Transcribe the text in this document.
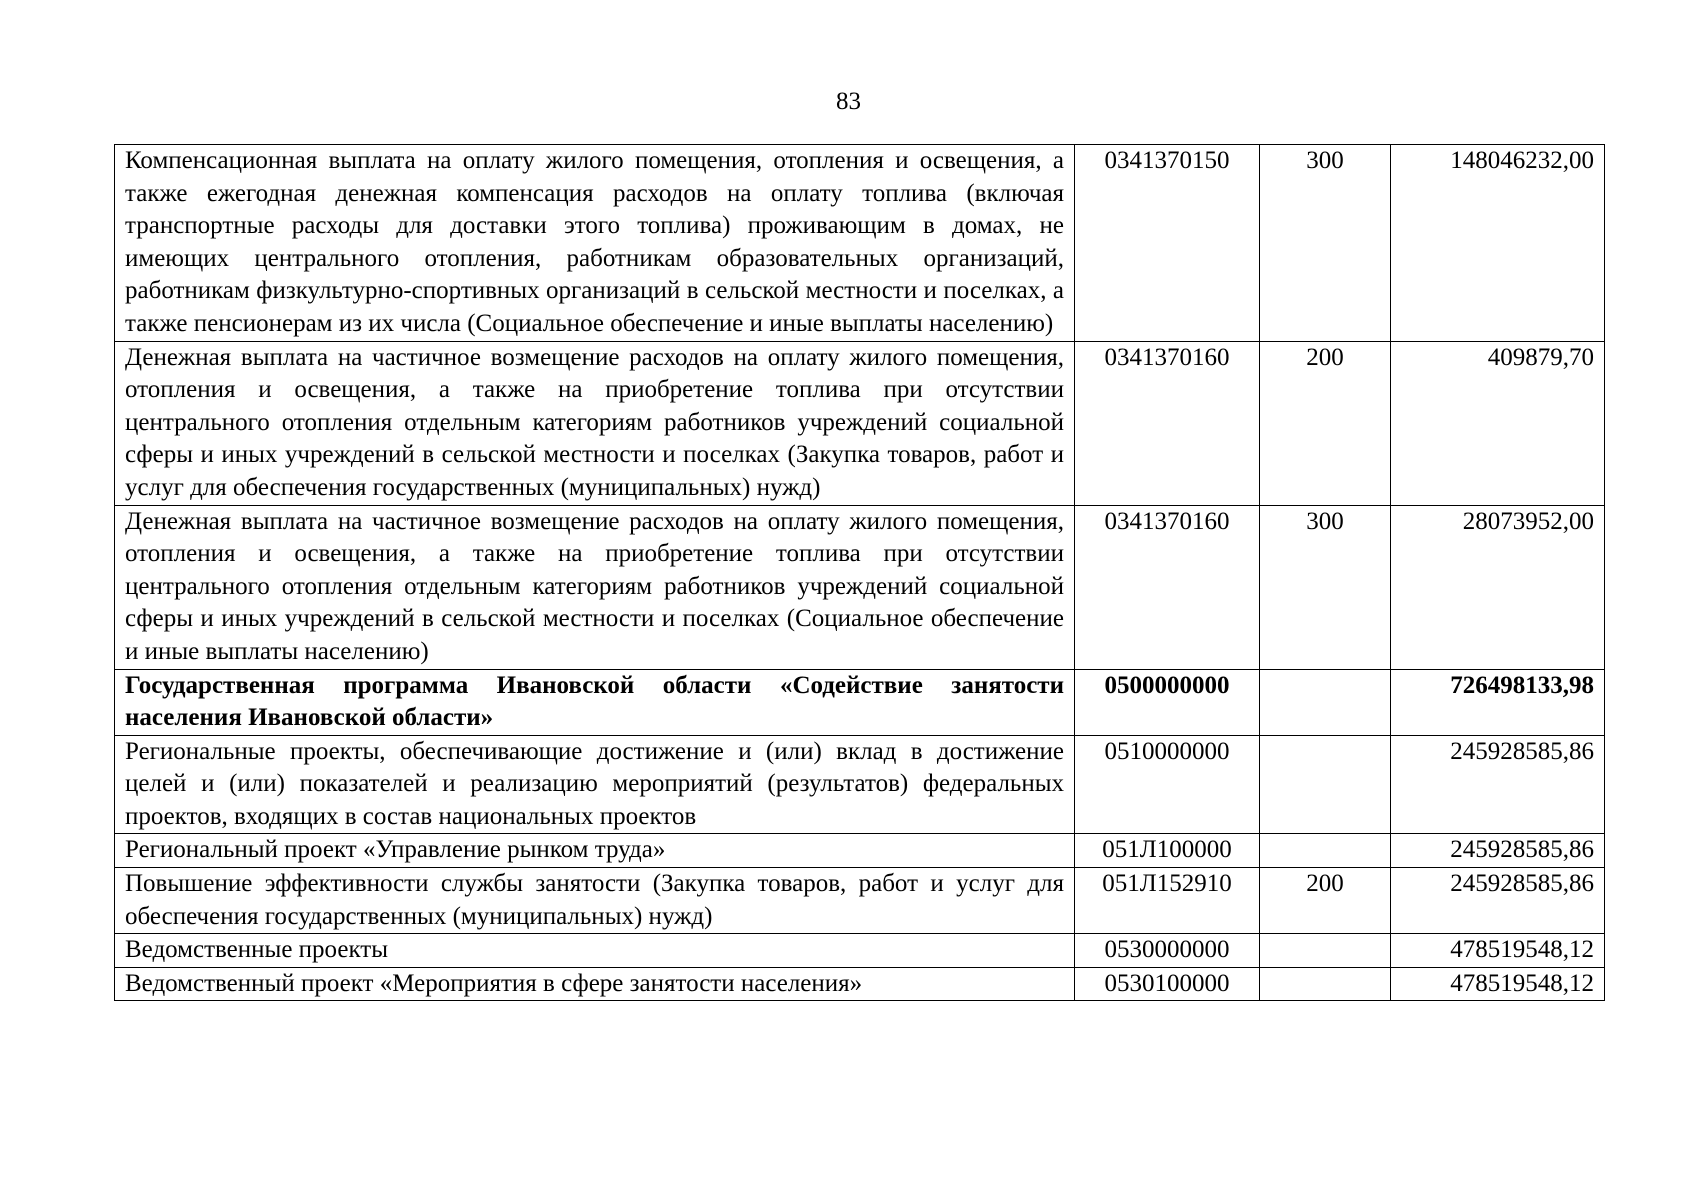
83
Компенсационная выплата на оплату жилого помещения, отопления и освещения, а также ежегодная денежная компенсация расходов на оплату топлива (включая транспортные расходы для доставки этого топлива) проживающим в домах, не имеющих центрального отопления, работникам образовательных организаций, работникам физкультурно-спортивных организаций в сельской местности и поселках, а также пенсионерам из их числа (Социальное обеспечение и иные выплаты населению)	0341370150	300	148046232,00
Денежная выплата на частичное возмещение расходов на оплату жилого помещения, отопления и освещения, а также на приобретение топлива при отсутствии центрального отопления отдельным категориям работников учреждений социальной сферы и иных учреждений в сельской местности и поселках (Закупка товаров, работ и услуг для обеспечения государственных (муниципальных) нужд)	0341370160	200	409879,70
Денежная выплата на частичное возмещение расходов на оплату жилого помещения, отопления и освещения, а также на приобретение топлива при отсутствии центрального отопления отдельным категориям работников учреждений социальной сферы и иных учреждений в сельской местности и поселках (Социальное обеспечение и иные выплаты населению)	0341370160	300	28073952,00
Государственная программа Ивановской области «Содействие занятости населения Ивановской области»	0500000000		726498133,98
Региональные проекты, обеспечивающие достижение и (или) вклад в достижение целей и (или) показателей и реализацию мероприятий (результатов) федеральных проектов, входящих в состав национальных проектов	0510000000		245928585,86
Региональный проект «Управление рынком труда»	051Л100000		245928585,86
Повышение эффективности службы занятости (Закупка товаров, работ и услуг для обеспечения государственных (муниципальных) нужд)	051Л152910	200	245928585,86
Ведомственные проекты	0530000000		478519548,12
Ведомственный проект «Мероприятия в сфере занятости населения»	0530100000		478519548,12
